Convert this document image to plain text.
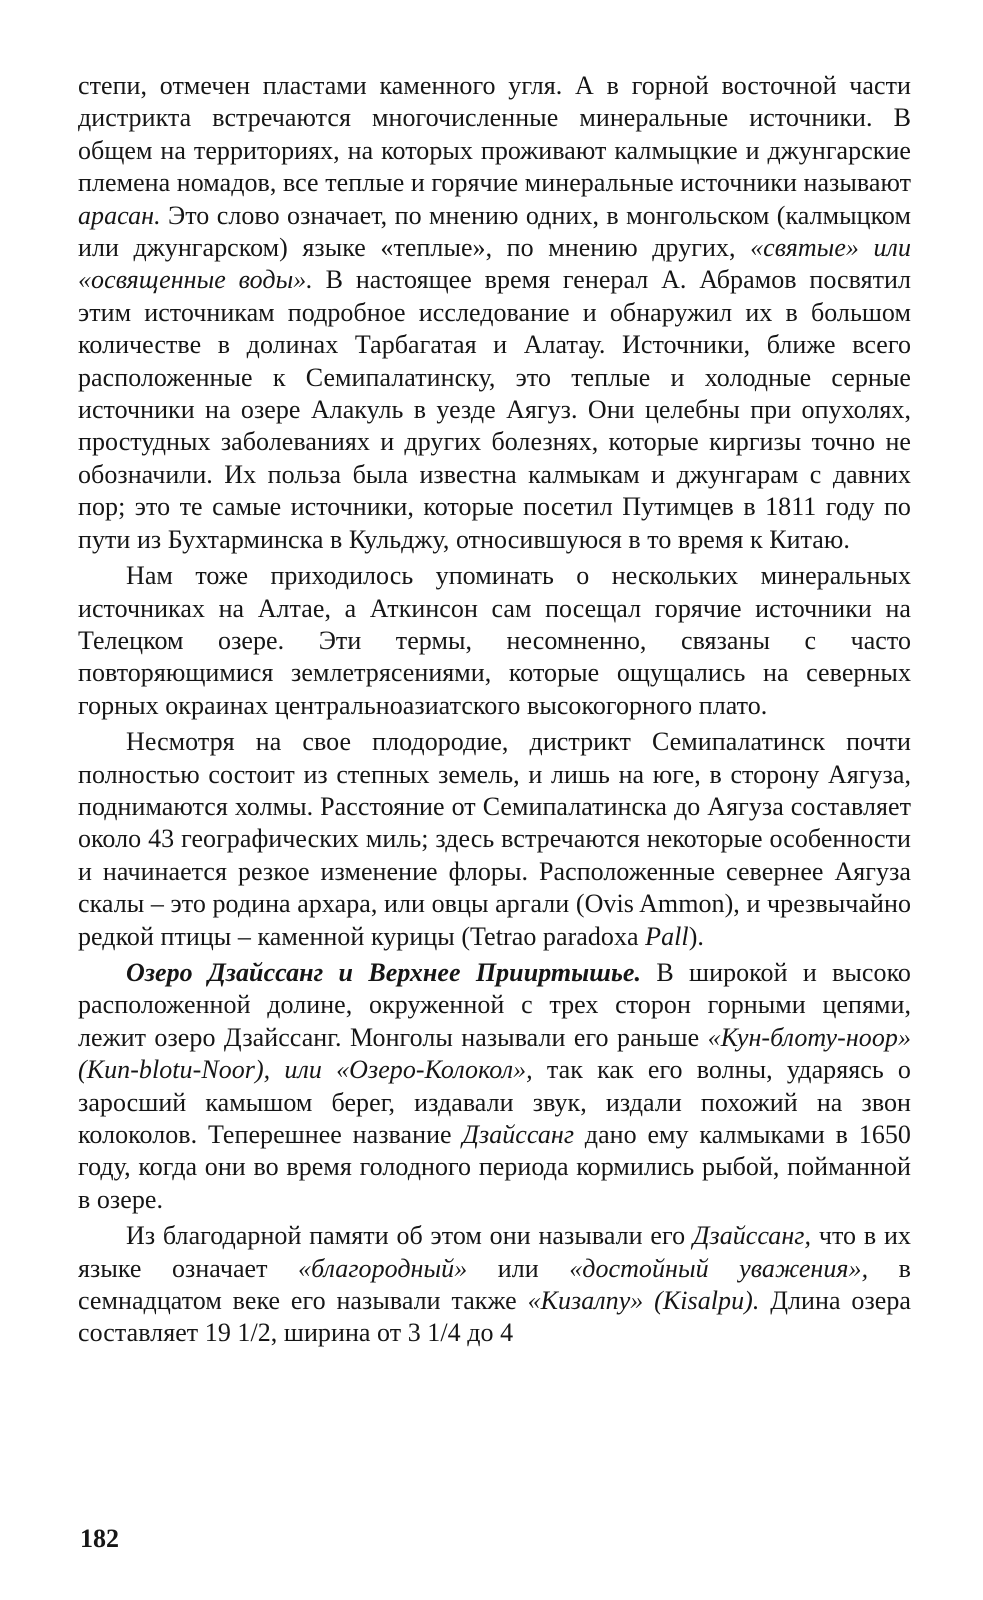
степи, отмечен пластами каменного угля. А в горной восточной части дистрикта встречаются многочисленные минеральные источники. В общем на территориях, на которых проживают калмыцкие и джунгарские племена номадов, все теплые и горячие минеральные источники называют арасан. Это слово означает, по мнению одних, в монгольском (калмыцком или джунгарском) языке «теплые», по мнению других, «святые» или «освященные воды». В настоящее время генерал А. Абрамов посвятил этим источникам подробное исследование и обнаружил их в большом количестве в долинах Тарбагатая и Алатау. Источники, ближе всего расположенные к Семипалатинску, это теплые и холодные серные источники на озере Алакуль в уезде Аягуз. Они целебны при опухолях, простудных заболеваниях и других болезнях, которые киргизы точно не обозначили. Их польза была известна калмыкам и джунгарам с давних пор; это те самые источники, которые посетил Путимцев в 1811 году по пути из Бухтарминска в Кульджу, относившуюся в то время к Китаю.

Нам тоже приходилось упоминать о нескольких минеральных источниках на Алтае, а Аткинсон сам посещал горячие источники на Телецком озере. Эти термы, несомненно, связаны с часто повторяющимися землетрясениями, которые ощущались на северных горных окраинах центральноазиатского высокогорного плато.

Несмотря на свое плодородие, дистрикт Семипалатинск почти полностью состоит из степных земель, и лишь на юге, в сторону Аягуза, поднимаются холмы. Расстояние от Семипалатинска до Аягуза составляет около 43 географических миль; здесь встречаются некоторые особенности и начинается резкое изменение флоры. Расположенные севернее Аягуза скалы – это родина архара, или овцы аргали (Ovis Ammon), и чрезвычайно редкой птицы – каменной курицы (Tetrao paradoxa Pall).

Озеро Дзайссанг и Верхнее Прииртышье. В широкой и высоко расположенной долине, окруженной с трех сторон горными цепями, лежит озеро Дзайссанг. Монголы называли его раньше «Кун-блоту-ноор» (Kun-blotu-Noor), или «Озеро-Колокол», так как его волны, ударяясь о заросший камышом берег, издавали звук, издали похожий на звон колоколов. Теперешнее название Дзайссанг дано ему калмыками в 1650 году, когда они во время голодного периода кормились рыбой, пойманной в озере.

Из благодарной памяти об этом они называли его Дзайссанг, что в их языке означает «благородный» или «достойный уважения», в семнадцатом веке его называли также «Кизалпу» (Kisalpu). Длина озера составляет 19 1/2, ширина от 3 1/4 до 4

182
